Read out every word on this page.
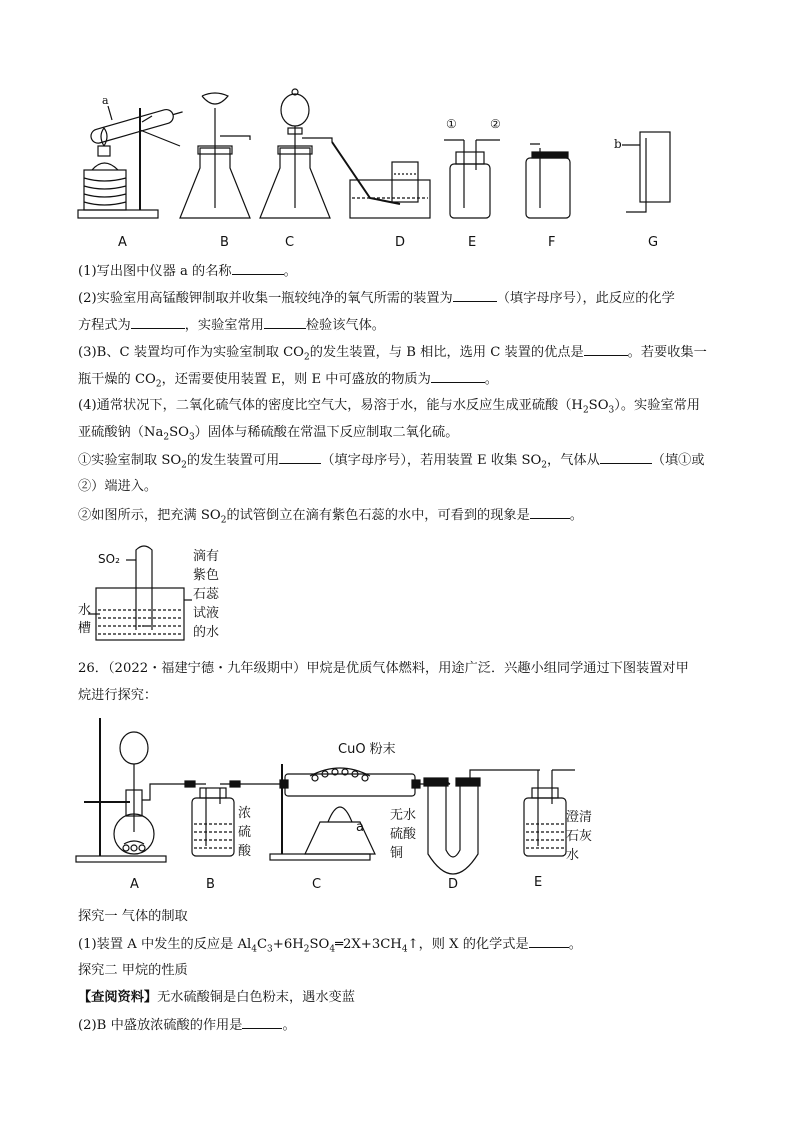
a
①	②
b
A	B	C	D	E	F	G
(1)写出图中仪器 a 的名称	。
(2)实验室用高锰酸钾制取并收集一瓶较纯净的氧气所需的装置为	（填字母序号），此反应的化学
方程式为	，实验室常用	检验该气体。
(3)B、C 装置均可作为实验室制取 $CO_2$的发生装置，与 B 相比，选用 C 装置的优点是	。若要收集一
瓶干燥的 $CO_2$，还需要使用装置 E，则 E 中可盛放的物质为	。
(4)通常状况下，二氧化硫气体的密度比空气大，易溶于水，能与水反应生成亚硫酸$(H_2SO_3)$。实验室常用
亚硫酸钠$(Na_2SO_3)$固体与稀硫酸在常温下反应制取二氧化硫。
①实验室制取 $SO_2$的发生装置可用	（填字母序号），若用装置 E 收集 $SO_2$，气体从	（填①或
②）端进入。
②如图所示，把充满 $SO_2$的试管倒立在滴有紫色石蕊的水中，可看到的现象是	。
SO₂
水
槽
滴有
紫色
石蕊
试液
的水
26．（2022・福建宁德・九年级期中）甲烷是优质气体燃料，用途广泛．兴趣小组同学通过下图装置对甲
烷进行探究：
A	B	C	D	E
CuO 粉末
a
浓
硫
酸
无水
硫酸
铜
澄清
石灰
水
探究一 气体的制取
(1)装置 A 中发生的反应是 $Al_4C_3+6H_2SO_4═2X+3CH_4↑$，则 X 的化学式是	。
探究二 甲烷的性质
【查阅资料】无水硫酸铜是白色粉末，遇水变蓝
(2)B 中盛放浓硫酸的作用是	。
